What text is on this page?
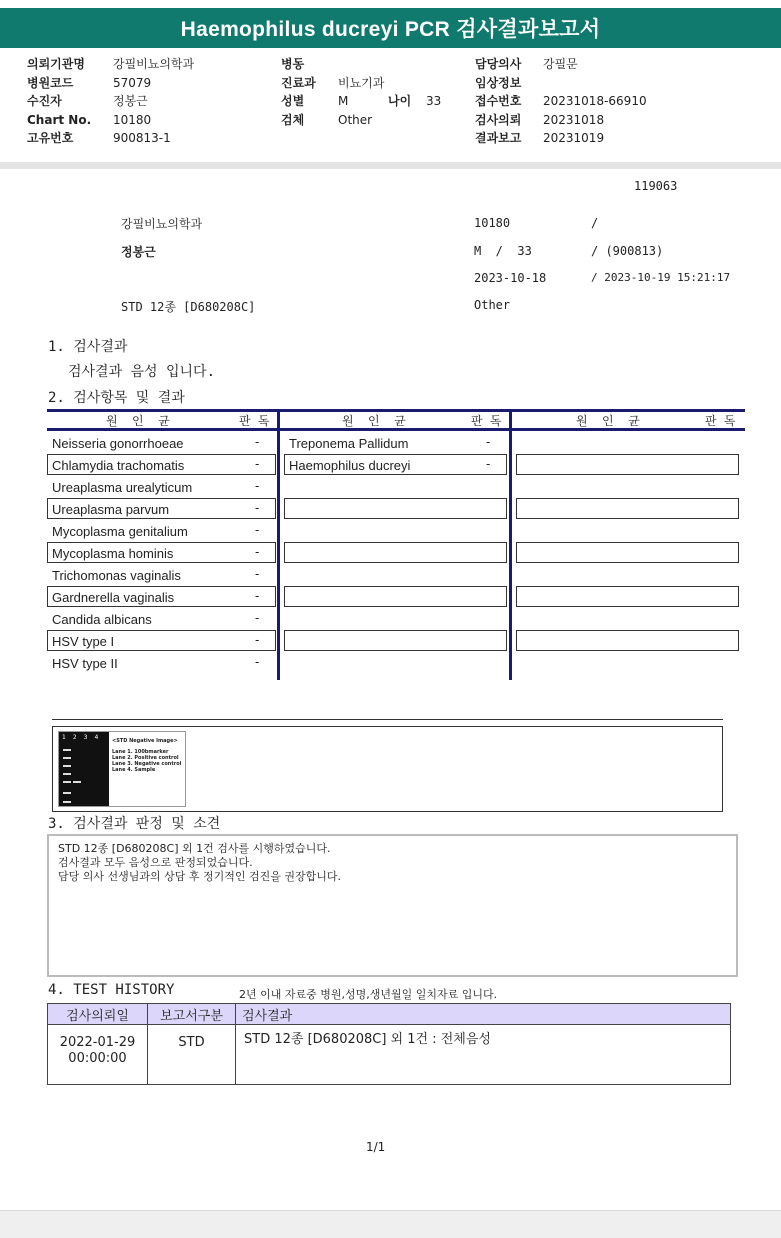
Haemophilus ducreyi PCR 검사결과보고서
의뢰기관명 강필비뇨의학과
병원코드	57079
수진자	정봉근
Chart No. 10180
고유번호	900813-1
병동
진료과 비뇨기과
성별	M	나이 33
검체	Other
담당의사 강필문
임상정보
접수번호 20231018-66910
검사의뢰 20231018
결과보고 20231019
119063
강필비뇨의학과	10180	/
정봉근	M  /  33	/ (900813)
2023-10-18	/ 2023-10-19 15:21:17
STD 12종 [D680208C]	Other
1. 검사결과
검사결과 음성 입니다.
2. 검사항목 및 결과
원  인  균	판 독	원  인  균	판 독	원  인  균	판 독
Neisseria gonorrhoeae	-
Chlamydia trachomatis	-
Ureaplasma urealyticum	-
Ureaplasma parvum	-
Mycoplasma genitalium	-
Mycoplasma hominis	-
Trichomonas vaginalis	-
Gardnerella vaginalis	-
Candida albicans	-
HSV type I	-
HSV type II	-
Treponema Pallidum	-
Haemophilus ducreyi	-
1 2 3 4	<STD Negative Image>
Lane 1. 100bmarker
Lane 2. Positive control
Lane 3. Negative control
Lane 4. Sample
3. 검사결과 판정 및 소견
STD 12종 [D680208C] 외 1건 검사를 시행하였습니다.
검사결과 모두 음성으로 판정되었습니다.
담당 의사 선생님과의 상담 후 정기적인 검진을 권장합니다.
4. TEST HISTORY	2년 이내 자료중 병원,성명,생년월일 일치자료 입니다.
검사의뢰일	보고서구분	검사결과

2022-01-29
00:00:00	STD	STD 12종 [D680208C] 외 1건 : 전체음성
1/1
